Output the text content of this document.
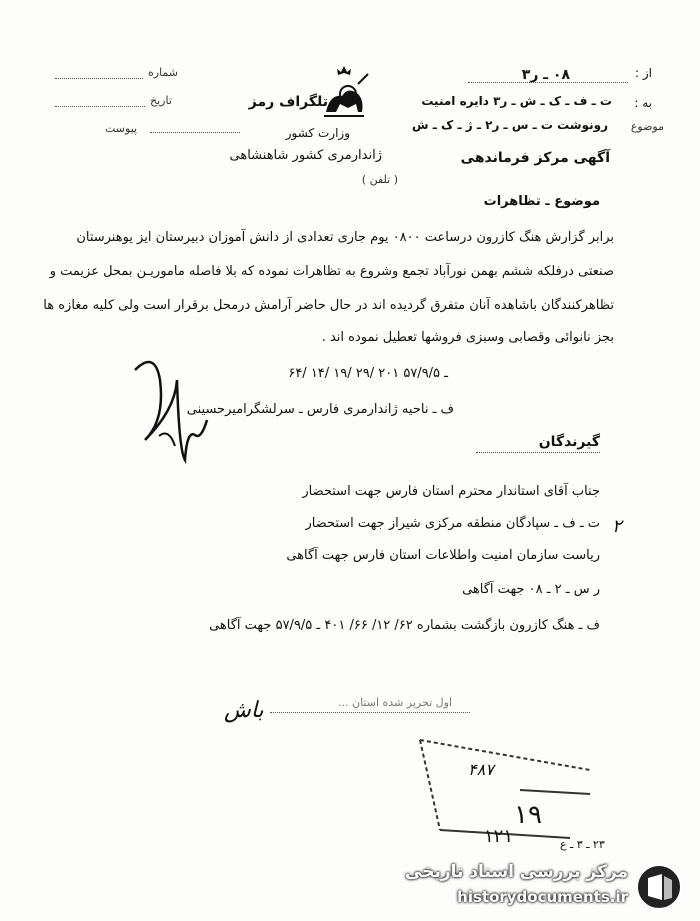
از :
به :
موضوع
۰۸ ـ ر۳
ت ـ ف ـ ک ـ ش ـ ر۳ دایره امنیت
رونوشت ت ـ س ـ ر۲ ـ ژ ـ ک ـ ش
تلگراف رمز
وزارت کشور
ژاندارمری کشور شاهنشاهی
( تلفن )
آگهی مرکز فرماندهی
شماره
تاریخ
پیوست
موضوع ـ تظاهرات
برابر گزارش هنگ کازرون درساعت ۰۸۰۰ یوم جاری تعدادی از دانش آموزان دبیرستان ایز یوهنرستان
صنعتی درفلکه ششم بهمن نورآباد تجمع وشروع به تظاهرات نموده که بلا فاصله ماموریـن بمحل عزیمت و
تظاهرکنندگان باشاهده آنان متفرق گردیده اند در حال حاضر آرامش درمحل برقرار است ولی کلیه مغازه ها
بجز نانوائی وقصابی وسبزی فروشها تعطیل نموده اند .
۶۴/ ۱۴/ ۱۹/ ۲۹/ ۲۰۱ ـ ۵۷/۹/۵
ف ـ ناحیه ژاندارمری فارس ـ سرلشگرامیرحسینی
گیرندگان
جناب آقای استاندار محترم استان فارس جهت استحضار
ت ـ ف ـ سپادگان منطقه مرکزی شیراز جهت استحضار
ریاست سازمان امنیت واطلاعات استان فارس جهت آگاهی
ر س ـ ۲ ـ ۰۸ جهت آگاهی
ف ـ هنگ کازرون بازگشت بشماره ۶۲/ ۱۲/ ۶۶/ ۴۰۱ ـ ۵۷/۹/۵ جهت آگاهی
۲
باش	اول تحریر شده استان ...
۴۸۷
۱۹
۱۲۱	۲۳ ـ ۳ ـ ع
مرکز بررسی اسناد تاریخی
historydocuments.ir
